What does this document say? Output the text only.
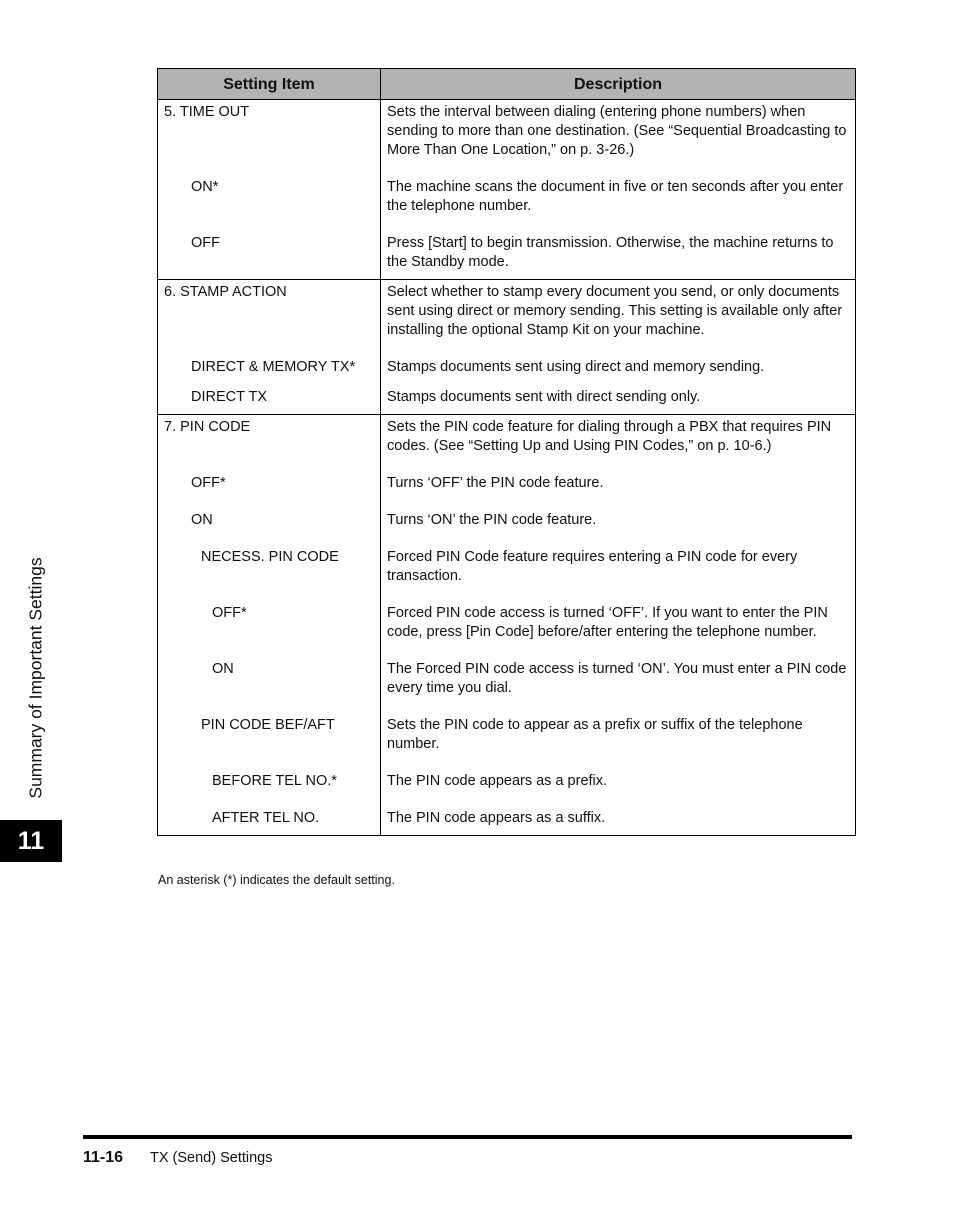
Setting Item	Description
5. TIME OUT	Sets the interval between dialing (entering phone numbers) when sending to more than one destination. (See “Sequential Broadcasting to More Than One Location,” on p. 3-26.)
ON*	The machine scans the document in five or ten seconds after you enter the telephone number.
OFF	Press [Start] to begin transmission. Otherwise, the machine returns to the Standby mode.
6. STAMP ACTION	Select whether to stamp every document you send, or only documents sent using direct or memory sending. This setting is available only after installing the optional Stamp Kit on your machine.
DIRECT & MEMORY TX*	Stamps documents sent using direct and memory sending.
DIRECT TX	Stamps documents sent with direct sending only.
7. PIN CODE	Sets the PIN code feature for dialing through a PBX that requires PIN codes. (See “Setting Up and Using PIN Codes,” on p. 10-6.)
OFF*	Turns ‘OFF’ the PIN code feature.
ON	Turns ‘ON’ the PIN code feature.
NECESS. PIN CODE	Forced PIN Code feature requires entering a PIN code for every transaction.
OFF*	Forced PIN code access is turned ‘OFF’. If you want to enter the PIN code, press [Pin Code] before/after entering the telephone number.
ON	The Forced PIN code access is turned ‘ON’. You must enter a PIN code every time you dial.
PIN CODE BEF/AFT	Sets the PIN code to appear as a prefix or suffix of the telephone number.
BEFORE TEL NO.*	The PIN code appears as a prefix.
AFTER TEL NO.	The PIN code appears as a suffix.
An asterisk (*) indicates the default setting.
Summary of Important Settings
11
11-16 TX (Send) Settings
